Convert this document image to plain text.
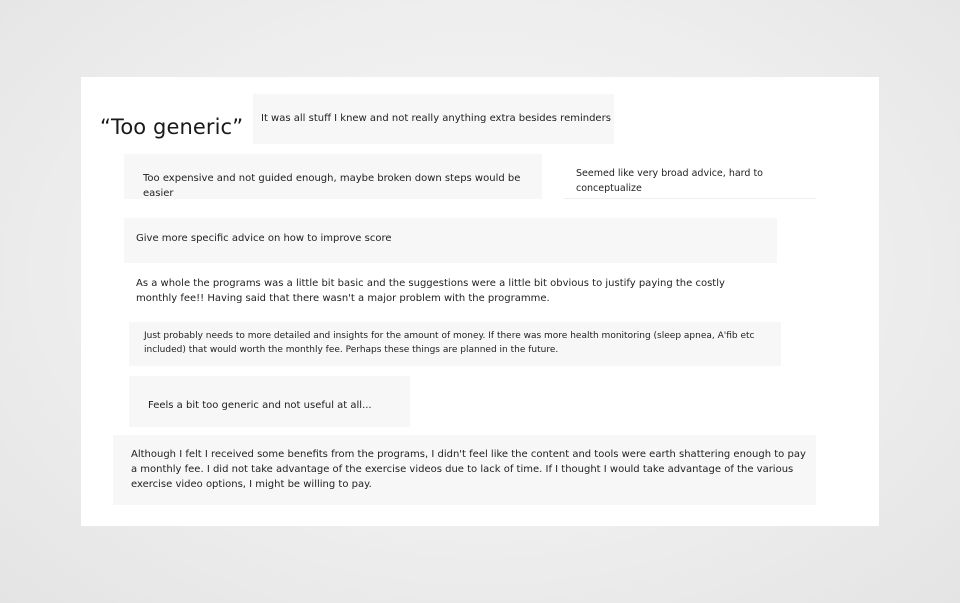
“Too generic” It was all stuff I knew and not really anything extra besides reminders
Too expensive and not guided enough, maybe broken down steps would be easier
Seemed like very broad advice, hard to conceptualize
Give more specific advice on how to improve score
As a whole the programs was a little bit basic and the suggestions were a little bit obvious to justify paying the costly monthly fee!! Having said that there wasn't a major problem with the programme.
Just probably needs to more detailed and insights for the amount of money. If there was more health monitoring (sleep apnea, A'fib etc included) that would worth the monthly fee. Perhaps these things are planned in the future.
Feels a bit too generic and not useful at all...
Although I felt I received some benefits from the programs, I didn't feel like the content and tools were earth shattering enough to pay a monthly fee. I did not take advantage of the exercise videos due to lack of time. If I thought I would take advantage of the various exercise video options, I might be willing to pay.
